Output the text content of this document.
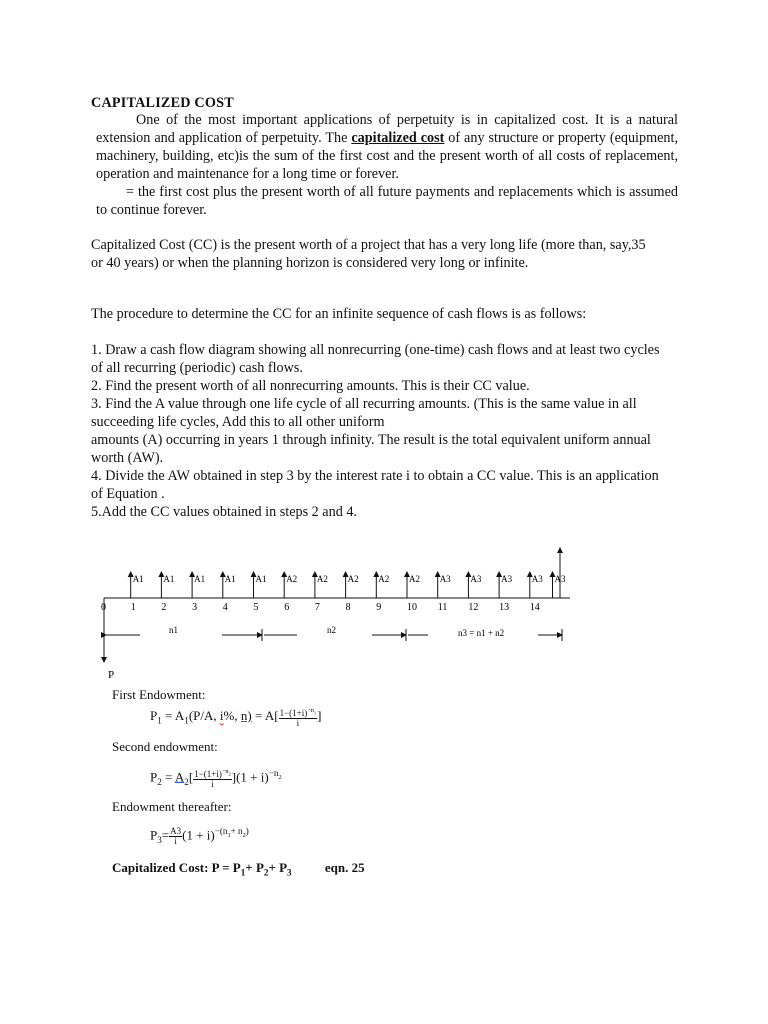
CAPITALIZED COST

One of the most important applications of perpetuity is in capitalized cost. It is a natural extension and application of perpetuity. The capitalized cost of any structure or property (equipment, machinery, building, etc)is the sum of the first cost and the present worth of all costs of replacement, operation and maintenance for a long time or forever.

= the first cost plus the present worth of all future payments and replacements which is assumed to continue forever.

Capitalized Cost (CC) is the present worth of a project that has a very long life (more than, say,35 or 40 years) or when the planning horizon is considered very long or infinite.

The procedure to determine the CC for an infinite sequence of cash flows is as follows:

1. Draw a cash flow diagram showing all nonrecurring (one-time) cash flows and at least two cycles of all recurring (periodic) cash flows.

2. Find the present worth of all nonrecurring amounts. This is their CC value.

3. Find the A value through one life cycle of all recurring amounts. (This is the same value in all succeeding life cycles, Add this to all other uniform

amounts (A) occurring in years 1 through infinity. The result is the total equivalent uniform annual worth (AW).

4. Divide the AW obtained in step 3 by the interest rate i to obtain a CC value. This is an application of Equation .

5.Add the CC values obtained in steps 2 and 4.

P
A1 A1 A1 A1 A1 A2 A2 A2 A2 A2 A3 A3 A3 A3 A3
0 1	2	3	4	5	6	7	8	9	10 11 12 13 14
n1	n2	n3 = n1 + n2
First Endowment:
$P_1 = A_1(P/A$, i%, $n) = A[ \frac{1-(1+i)^{-n_1}}{i}$ ]
Second endowment:
$P_2 = A_2[ \frac{1-(1+i)^{-n_2}}{i} ](1 + i)^{-n_2}$
Endowment thereafter:
$P_3= \frac{A3}{i} (1 + i)^{-(n_1+ n_2)}$
Capitalized Cost: $P = P_1+ P_2+ P_3$	eqn. 25
